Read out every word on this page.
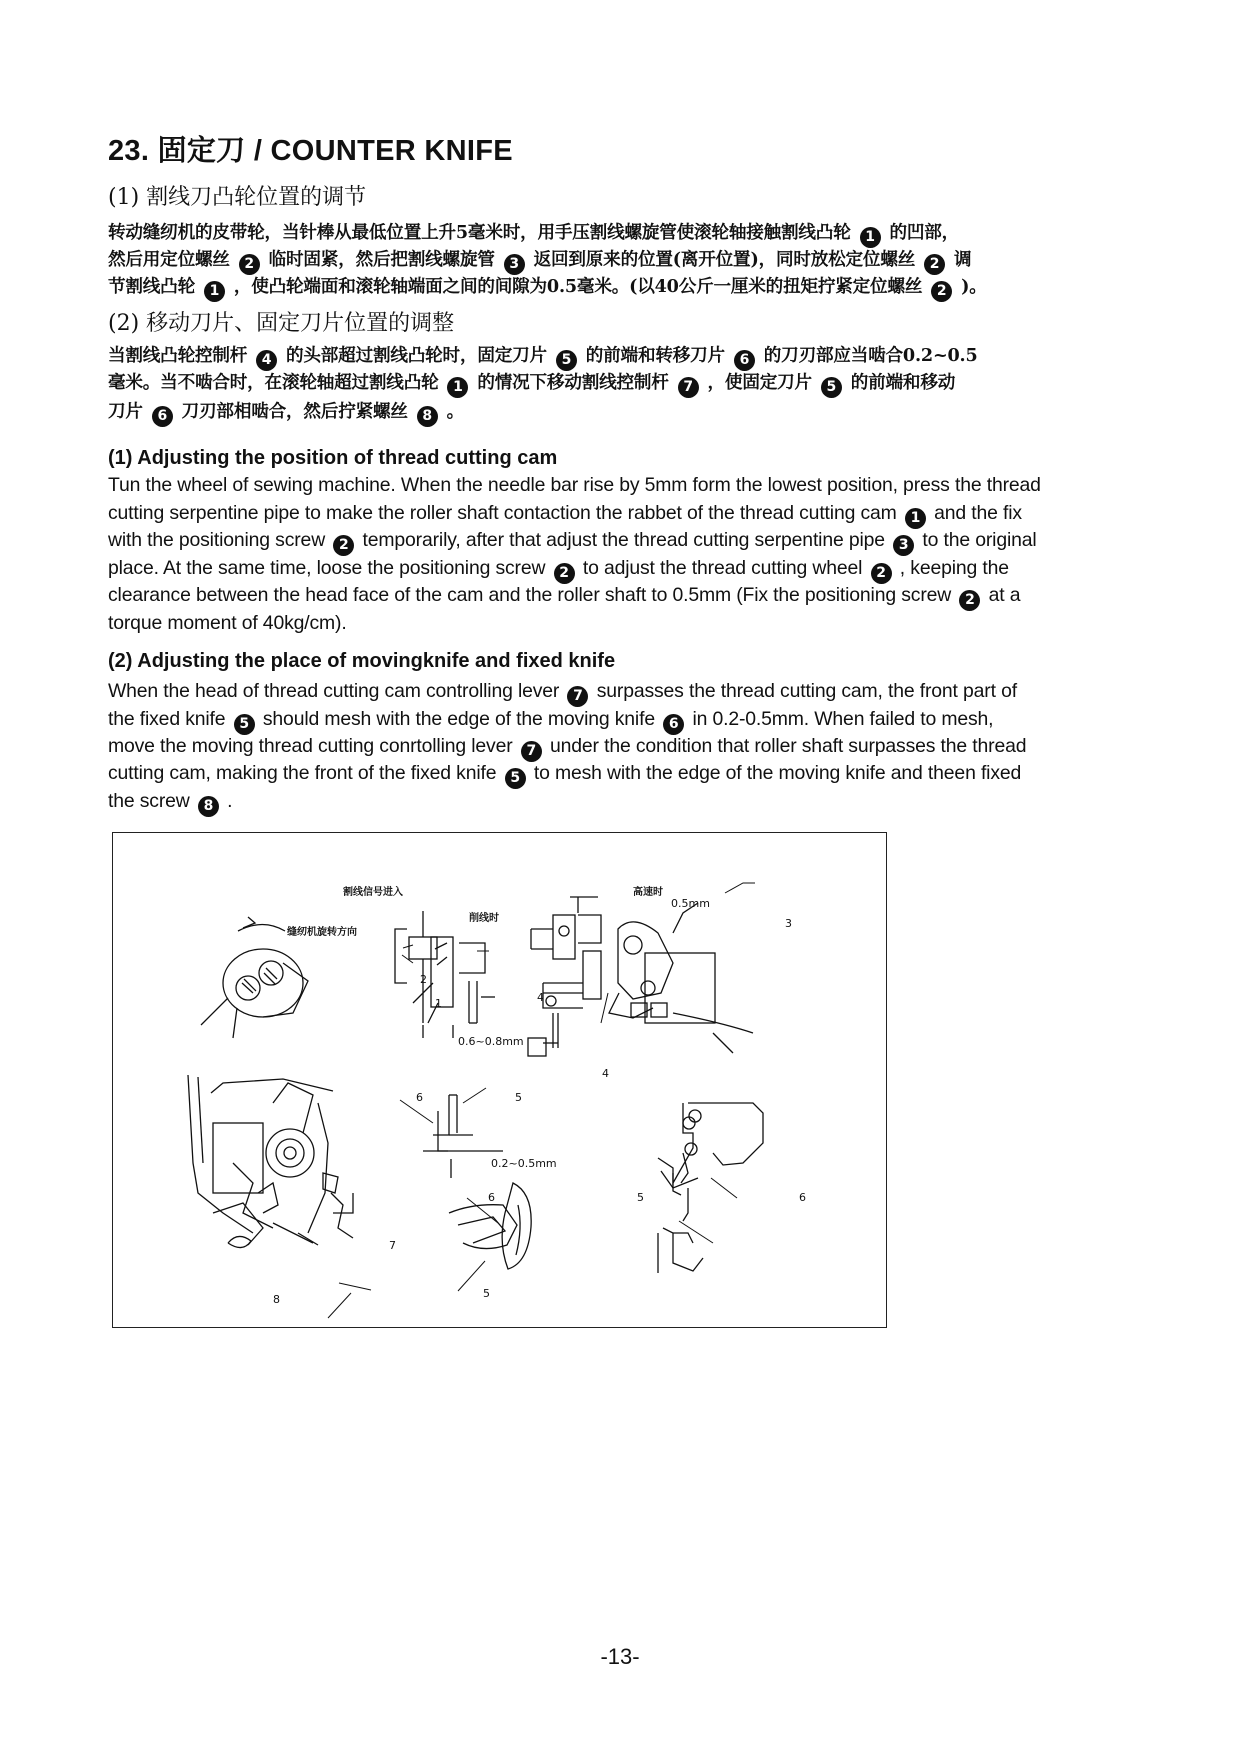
23. 固定刀 / COUNTER KNIFE
(1) 割线刀凸轮位置的调节
转动缝纫机的皮带轮，当针棒从最低位置上升5毫米时，用手压割线螺旋管使滚轮轴接触割线凸轮 1 的凹部，
然后用定位螺丝 2 临时固紧，然后把割线螺旋管 3 返回到原来的位置(离开位置)，同时放松定位螺丝 2 调
节割线凸轮 1 ，使凸轮端面和滚轮轴端面之间的间隙为0.5毫米。(以40公斤一厘米的扭矩拧紧定位螺丝 2 )。
(2) 移动刀片、固定刀片位置的调整
当割线凸轮控制杆 4 的头部超过割线凸轮时，固定刀片 5 的前端和转移刀片 6 的刀刃部应当啮合0.2~0.5
毫米。当不啮合时，在滚轮轴超过割线凸轮 1 的情况下移动割线控制杆 7 ，使固定刀片 5 的前端和移动
刀片 6 刀刃部相啮合，然后拧紧螺丝 8 。
(1) Adjusting the position of thread cutting cam
Tun the wheel of sewing machine. When the needle bar rise by 5mm form the lowest position, press the thread
cutting serpentine pipe to make the roller shaft contaction the rabbet of the thread cutting cam 1 and the fix
with the positioning screw 2 temporarily, after that adjust the thread cutting serpentine pipe 3 to the original
place. At the same time, loose the positioning screw 2 to adjust the thread cutting wheel 2 , keeping the
clearance between the head face of the cam and the roller shaft to 0.5mm (Fix the positioning screw 2 at a
torque moment of 40kg/cm).
(2) Adjusting the place of movingknife and fixed knife
When the head of thread cutting cam controlling lever 7 surpasses the thread cutting cam, the front part of
the fixed knife 5 should mesh with the edge of the moving knife 6 in 0.2-0.5mm. When failed to mesh,
move the moving thread cutting conrtolling lever 7 under the condition that roller shaft surpasses the thread
cutting cam, making the front of the fixed knife 5 to mesh with the edge of the moving knife and theen fixed
the screw 8 .
割线信号进入
缝纫机旋转方向
削线时
高速时
0.5mm
0.6~0.8mm
0.2~0.5mm
2
1	4
3
4
6	5
6
5
5	6
7
8
-13-
